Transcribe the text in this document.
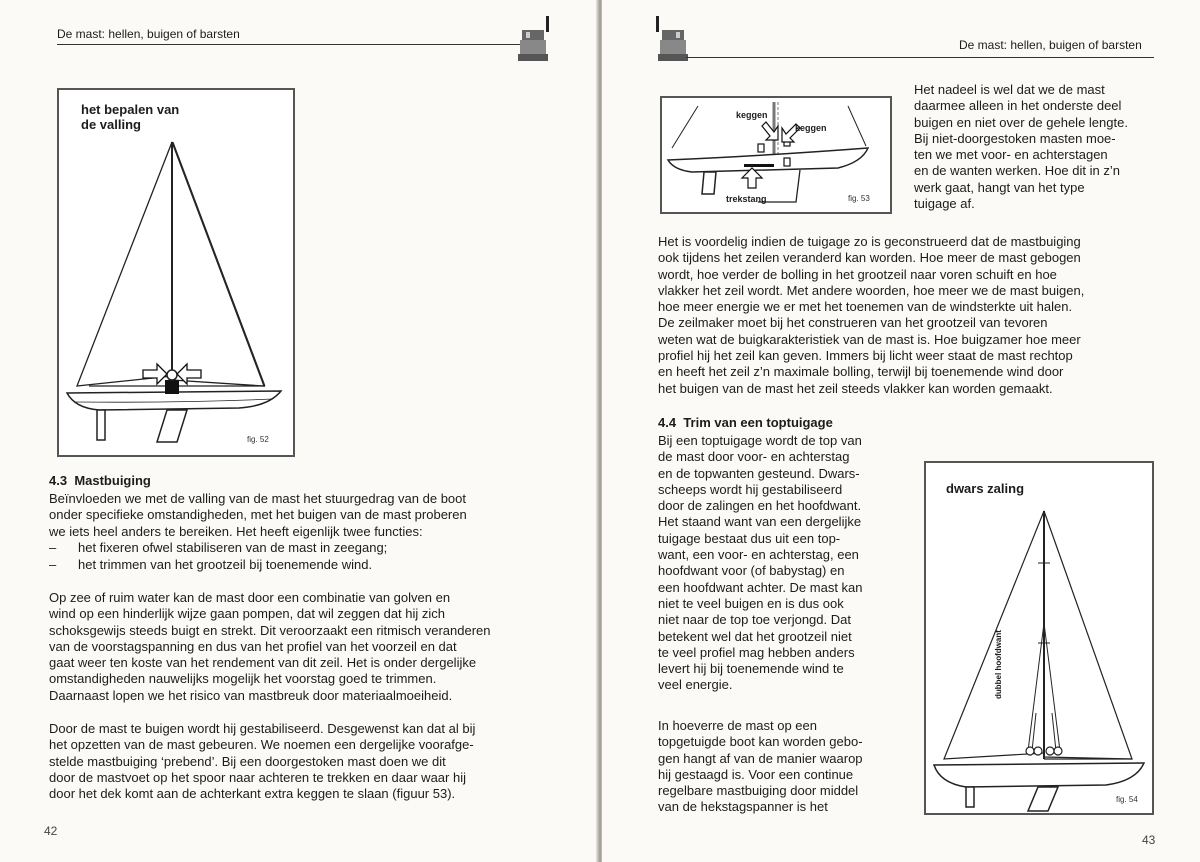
De mast: hellen, buigen of barsten
het bepalen van
de valling
fig. 52
4.3 Mastbuiging
Beïnvloeden we met de valling van de mast het stuurgedrag van de boot
onder specifieke omstandigheden, met het buigen van de mast proberen
we iets heel anders te bereiken. Het heeft eigenlijk twee functies:
– het fixeren ofwel stabiliseren van de mast in zeegang;
– het trimmen van het grootzeil bij toenemende wind.
Op zee of ruim water kan de mast door een combinatie van golven en
wind op een hinderlijk wijze gaan pompen, dat wil zeggen dat hij zich
schoksgewijs steeds buigt en strekt. Dit veroorzaakt een ritmisch veranderen
van de voorstagspanning en dus van het profiel van het voorzeil en dat
gaat weer ten koste van het rendement van dit zeil. Het is onder dergelijke
omstandigheden nauwelijks mogelijk het voorstag goed te trimmen.
Daarnaast lopen we het risico van mastbreuk door materiaalmoeiheid.
Door de mast te buigen wordt hij gestabiliseerd. Desgewenst kan dat al bij
het opzetten van de mast gebeuren. We noemen een dergelijke voorafge-
stelde mastbuiging ‘prebend’. Bij een doorgestoken mast doen we dit
door de mastvoet op het spoor naar achteren te trekken en daar waar hij
door het dek komt aan de achterkant extra keggen te slaan (figuur 53).
42
De mast: hellen, buigen of barsten
keggen
keggen
trekstang	fig. 53
Het nadeel is wel dat we de mast
daarmee alleen in het onderste deel
buigen en niet over de gehele lengte.
Bij niet-doorgestoken masten moe-
ten we met voor- en achterstagen
en de wanten werken. Hoe dit in z’n
werk gaat, hangt van het type
tuigage af.
Het is voordelig indien de tuigage zo is geconstrueerd dat de mastbuiging
ook tijdens het zeilen veranderd kan worden. Hoe meer de mast gebogen
wordt, hoe verder de bolling in het grootzeil naar voren schuift en hoe
vlakker het zeil wordt. Met andere woorden, hoe meer we de mast buigen,
hoe meer energie we er met het toenemen van de windsterkte uit halen.
De zeilmaker moet bij het construeren van het grootzeil van tevoren
weten wat de buigkarakteristiek van de mast is. Hoe buigzamer hoe meer
profiel hij het zeil kan geven. Immers bij licht weer staat de mast rechtop
en heeft het zeil z’n maximale bolling, terwijl bij toenemende wind door
het buigen van de mast het zeil steeds vlakker kan worden gemaakt.
4.4 Trim van een toptuigage
Bij een toptuigage wordt de top van
de mast door voor- en achterstag
en de topwanten gesteund. Dwars-
scheeps wordt hij gestabiliseerd
door de zalingen en het hoofdwant.
Het staand want van een dergelijke
tuigage bestaat dus uit een top-
want, een voor- en achterstag, een
hoofdwant voor (of babystag) en
een hoofdwant achter. De mast kan
niet te veel buigen en is dus ook
niet naar de top toe verjongd. Dat
betekent wel dat het grootzeil niet
te veel profiel mag hebben anders
levert hij bij toenemende wind te
veel energie.
In hoeverre de mast op een
topgetuigde boot kan worden gebo-
gen hangt af van de manier waarop
hij gestaagd is. Voor een continue
regelbare mastbuiging door middel
van de hekstagspanner is het
dwars zaling
dubbel hoofdwant
fig. 54
43
